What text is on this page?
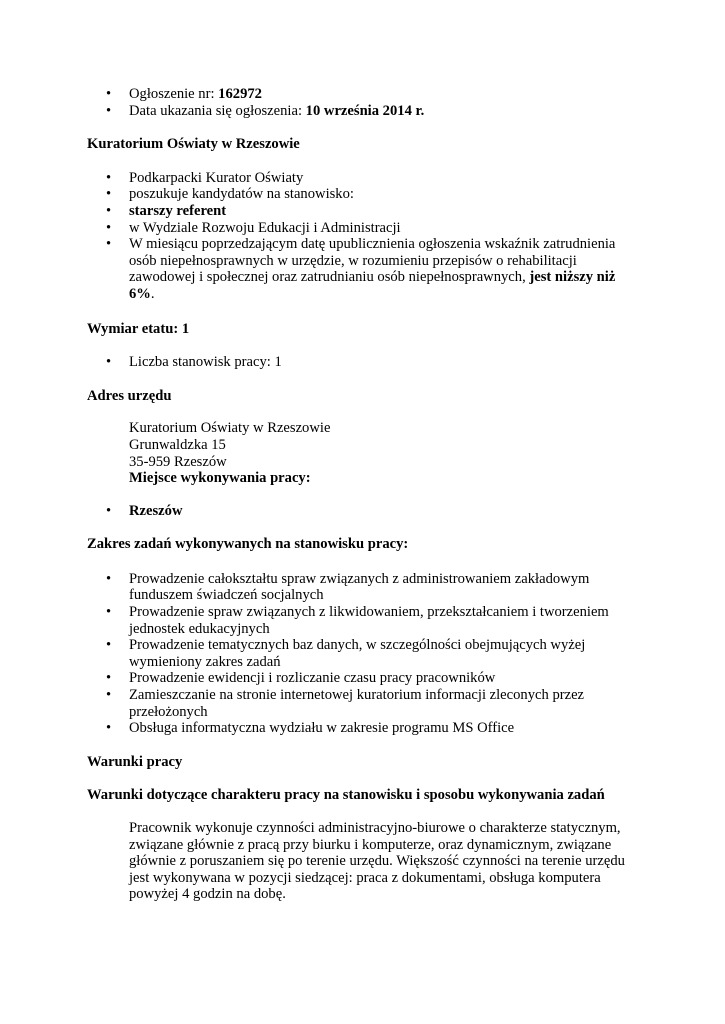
• Ogłoszenie nr: 162972
• Data ukazania się ogłoszenia: 10 września 2014 r.
Kuratorium Oświaty w Rzeszowie
• Podkarpacki Kurator Oświaty
• poszukuje kandydatów na stanowisko:
• starszy referent
• w Wydziale Rozwoju Edukacji i Administracji
• W miesiącu poprzedzającym datę upublicznienia ogłoszenia wskaźnik zatrudnienia osób niepełnosprawnych w urzędzie, w rozumieniu przepisów o rehabilitacji zawodowej i społecznej oraz zatrudnianiu osób niepełnosprawnych, jest niższy niż 6%.
Wymiar etatu: 1
• Liczba stanowisk pracy: 1
Adres urzędu

Kuratorium Oświaty w Rzeszowie

Grunwaldzka 15

35-959 Rzeszów

Miejsce wykonywania pracy:

• Rzeszów
Zakres zadań wykonywanych na stanowisku pracy:
• Prowadzenie całokształtu spraw związanych z administrowaniem zakładowym funduszem świadczeń socjalnych
• Prowadzenie spraw związanych z likwidowaniem, przekształcaniem i tworzeniem jednostek edukacyjnych
• Prowadzenie tematycznych baz danych, w szczególności obejmujących wyżej wymieniony zakres zadań
• Prowadzenie ewidencji i rozliczanie czasu pracy pracowników
• Zamieszczanie na stronie internetowej kuratorium informacji zleconych przez przełożonych
• Obsługa informatyczna wydziału w zakresie programu MS Office
Warunki pracy
Warunki dotyczące charakteru pracy na stanowisku i sposobu wykonywania zadań

Pracownik wykonuje czynności administracyjno-biurowe o charakterze statycznym, związane głównie z pracą przy biurku i komputerze, oraz dynamicznym, związane głównie z poruszaniem się po terenie urzędu. Większość czynności na terenie urzędu jest wykonywana w pozycji siedzącej: praca z dokumentami, obsługa komputera powyżej 4 godzin na dobę.
